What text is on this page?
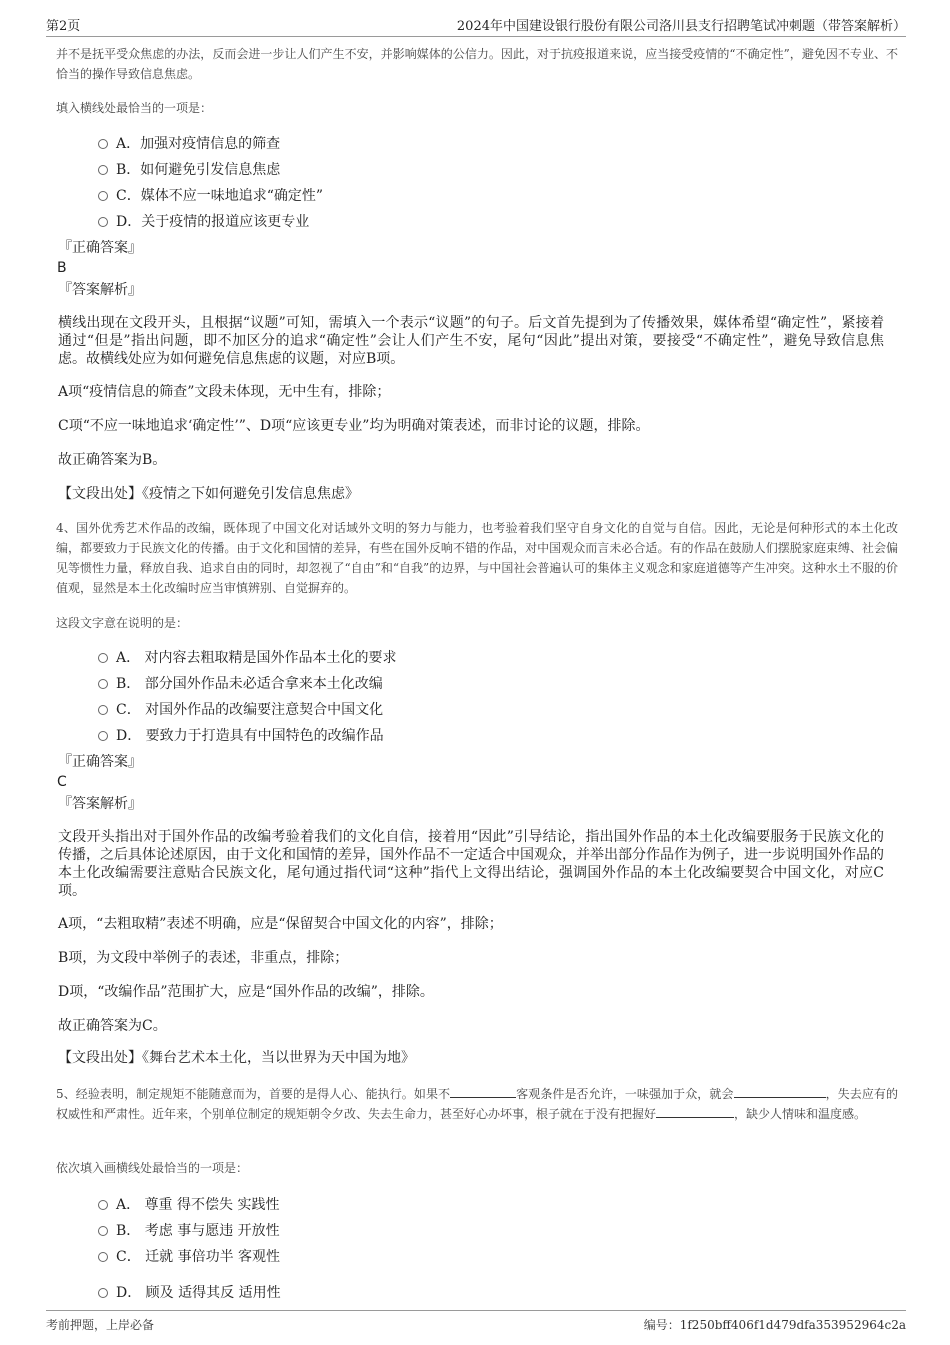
第2页	2024年中国建设银行股份有限公司洛川县支行招聘笔试冲刺题（带答案解析）
并不是抚平受众焦虑的办法，反而会进一步让人们产生不安，并影响媒体的公信力。因此，对于抗疫报道来说，应当接受疫情的“不确定性”，避免因不专业、不恰当的操作导致信息焦虑。
填入横线处最恰当的一项是：
A．加强对疫情信息的筛查
B．如何避免引发信息焦虑
C．媒体不应一味地追求“确定性”
D．关于疫情的报道应该更专业
『正确答案』
B
『答案解析』
横线出现在文段开头，且根据“议题”可知，需填入一个表示“议题”的句子。后文首先提到为了传播效果，媒体希望“确定性”，紧接着通过“但是”指出问题，即不加区分的追求“确定性”会让人们产生不安，尾句“因此”提出对策，要接受“不确定性”，避免导致信息焦虑。故横线处应为如何避免信息焦虑的议题，对应B项。
A项“疫情信息的筛查”文段未体现，无中生有，排除；
C项“不应一味地追求‘确定性’”、D项“应该更专业”均为明确对策表述，而非讨论的议题，排除。
故正确答案为B。
【文段出处】《疫情之下如何避免引发信息焦虑》
4、国外优秀艺术作品的改编，既体现了中国文化对话域外文明的努力与能力，也考验着我们坚守自身文化的自觉与自信。因此，无论是何种形式的本土化改编，都要致力于民族文化的传播。由于文化和国情的差异，有些在国外反响不错的作品，对中国观众而言未必合适。有的作品在鼓励人们摆脱家庭束缚、社会偏见等惯性力量，释放自我、追求自由的同时，却忽视了“自由”和“自我”的边界，与中国社会普遍认可的集体主义观念和家庭道德等产生冲突。这种水土不服的价值观，显然是本土化改编时应当审慎辨别、自觉摒弃的。
这段文字意在说明的是：
A． 对内容去粗取精是国外作品本土化的要求
B． 部分国外作品未必适合拿来本土化改编
C． 对国外作品的改编要注意契合中国文化
D． 要致力于打造具有中国特色的改编作品
『正确答案』
C
『答案解析』
文段开头指出对于国外作品的改编考验着我们的文化自信，接着用“因此”引导结论，指出国外作品的本土化改编要服务于民族文化的传播，之后具体论述原因，由于文化和国情的差异，国外作品不一定适合中国观众，并举出部分作品作为例子，进一步说明国外作品的本土化改编需要注意贴合民族文化，尾句通过指代词“这种”指代上文得出结论，强调国外作品的本土化改编要契合中国文化，对应C项。
A项，“去粗取精”表述不明确，应是“保留契合中国文化的内容”，排除；
B项，为文段中举例子的表述，非重点，排除；
D项，“改编作品”范围扩大，应是“国外作品的改编”，排除。
故正确答案为C。
【文段出处】《舞台艺术本土化，当以世界为天中国为地》
5、经验表明，制定规矩不能随意而为，首要的是得人心、能执行。如果不	客观条件是否允许，一味强加于众，就会	，失去应有的权威性和严肃性。近年来，个别单位制定的规矩朝令夕改、失去生命力，甚至好心办坏事，根子就在于没有把握好	，缺少人情味和温度感。
依次填入画横线处最恰当的一项是：
A． 尊重 得不偿失 实践性
B． 考虑 事与愿违 开放性
C． 迁就 事倍功半 客观性
D． 顾及 适得其反 适用性
考前押题，上岸必备	编号：1f250bff406f1d479dfa353952964c2a
